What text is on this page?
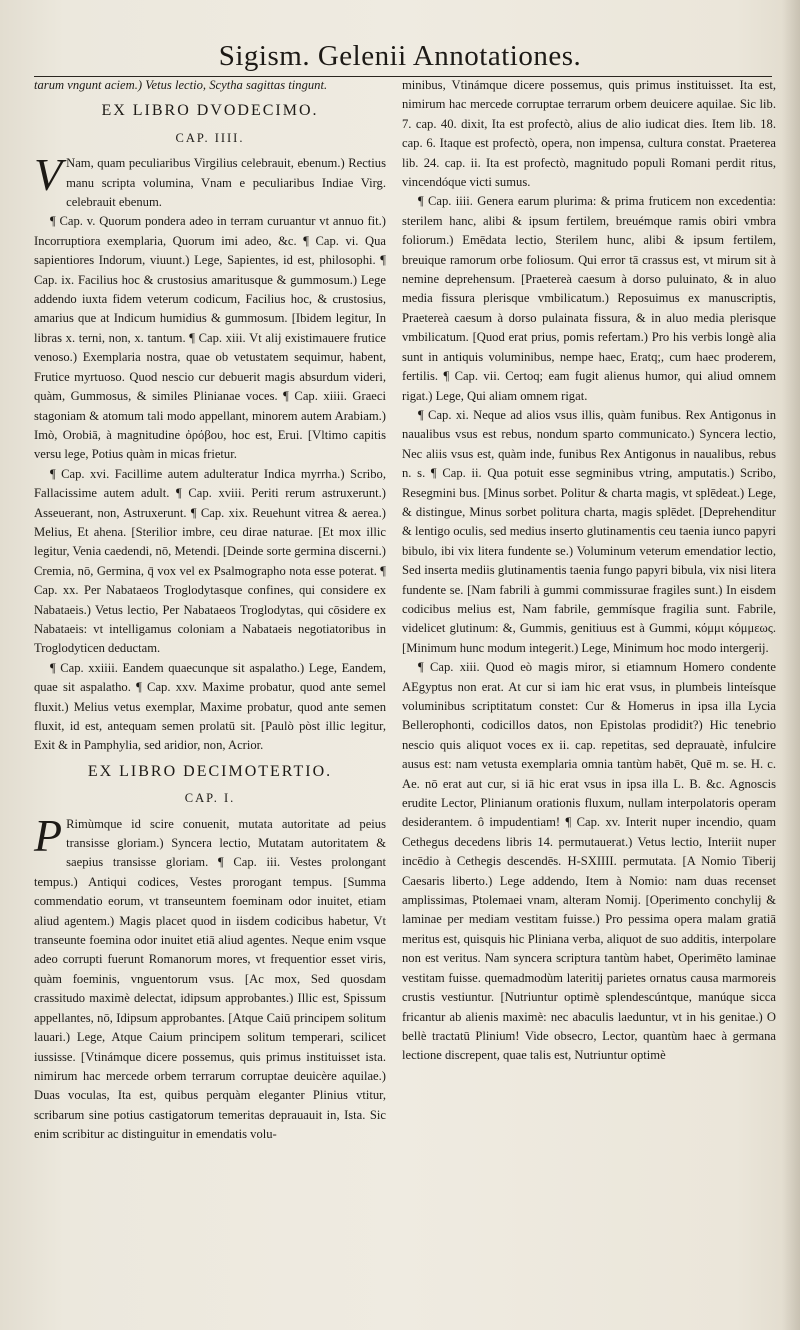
Sigism. Gelenii Annotationes.

tarum vngunt aciem.) Vetus lectio, Scytha sagittas tingunt.

EX LIBRO DVODECIMO.
CAP. IIII.

V Nam, quam peculiaribus Virgilius celebrauit, ebenum.) Rectius manu scripta volumina, Vnam e peculiaribus Indiae Virg. celebrauit ebenum.

¶ Cap. v. Quorum pondera adeo in terram curuantur vt annuo fit.) Incorruptiora exemplaria, Quorum imi adeo, &c. ¶ Cap. vi. Qua sapientiores Indorum, viuunt.) Lege, Sapientes, id est, philosophi. ¶ Cap. ix. Facilius hoc & crustosius amaritusque & gummosum.) Lege addendo iuxta fidem veterum codicum, Facilius hoc, & crustosius, amarius que at Indicum humidius & gummosum. [Ibidem legitur, In libras x. terni, non, x. tantum. ¶ Cap. xiii. Vt alij existimauere frutice venoso.) Exemplaria nostra, quae ob vetustatem sequimur, habent, Frutice myrtuoso. Quod nescio cur debuerit magis absurdum videri, quàm, Gummosus, & similes Plinianae voces. ¶ Cap. xiiii. Graeci stagoniam & atomum tali modo appellant, minorem autem Arabiam.) Imò, Orobiā, à magnitudine ὀρόβου, hoc est, Erui. [Vltimo capitis versu lege, Potius quàm in micas frietur.

¶ Cap. xvi. Facillime autem adulteratur Indica myrrha.) Scribo, Fallacissime autem adult. ¶ Cap. xviii. Periti rerum astruxerunt.) Asseuerant, non, Astruxerunt. ¶ Cap. xix. Reuehunt vitrea & aerea.) Melius, Et ahena. [Sterilior imbre, ceu dirae naturae. [Et mox illic legitur, Venia caedendi, nō, Metendi. [Deinde sorte germina discerni.) Cremia, nō, Germina, q̄ vox vel ex Psalmographo nota esse poterat. ¶ Cap. xx. Per Nabataeos Troglodytasque confines, qui considere ex Nabataeis.) Vetus lectio, Per Nabataeos Troglodytas, qui cōsidere ex Nabataeis: vt intelligamus coloniam a Nabataeis negotiatoribus in Troglodyticen deductam.

¶ Cap. xxiiii. Eandem quaecunque sit aspalatho.) Lege, Eandem, quae sit aspalatho. ¶ Cap. xxv. Maxime probatur, quod ante semel fluxit.) Melius vetus exemplar, Maxime probatur, quod ante semen fluxit, id est, antequam semen prolatū sit. [Paulò pòst illic legitur, Exit & in Pamphylia, sed aridior, non, Acrior.

EX LIBRO DECIMOTERTIO.
CAP. I.

P Rimùmque id scire conuenit, mutata autoritate ad peius transisse gloriam.) Syncera lectio, Mutatam autoritatem & saepius transisse gloriam. ¶ Cap. iii. Vestes prolongant tempus.) Antiqui codices, Vestes prorogant tempus. [Summa commendatio eorum, vt transeuntem foeminam odor inuitet, etiam aliud agentem.) Magis placet quod in iisdem codicibus habetur, Vt transeunte foemina odor inuitet etiā aliud agentes. Neque enim vsque adeo corrupti fuerunt Romanorum mores, vt frequentior esset viris, quàm foeminis, vnguentorum vsus. [Ac mox, Sed quosdam crassitudo maximè delectat, idipsum approbantes.) Illic est, Spissum appellantes, nō, Idipsum approbantes. [Atque Caiū principem solitum lauari.) Lege, Atque Caium principem solitum temperari, scilicet iussisse. [Vtinámque dicere possemus, quis primus instituisset ista. nimirum hac mercede orbem terrarum corruptae deuicère aquilae.) Duas voculas, Ita est, quibus perquàm eleganter Plinius vtitur, scribarum sine potius castigatorum temeritas deprauauit in, Ista. Sic enim scribitur ac distinguitur in emendatis volu-

minibus, Vtinámque dicere possemus, quis primus instituisset. Ita est, nimirum hac mercede corruptae terrarum orbem deuicere aquilae. Sic lib. 7. cap. 40. dixit, Ita est profectò, alius de alio iudicat dies. Item lib. 18. cap. 6. Itaque est profectò, opera, non impensa, cultura constat. Praeterea lib. 24. cap. ii. Ita est profectò, magnitudo populi Romani perdit ritus, vincendóque victi sumus.

¶ Cap. iiii. Genera earum plurima: & prima fruticem non excedentia: sterilem hanc, alibi & ipsum fertilem, breuémque ramis obiri vmbra foliorum.) Emēdata lectio, Sterilem hunc, alibi & ipsum fertilem, breuique ramorum orbe foliosum. Qui error tā crassus est, vt mirum sit à nemine deprehensum. [Praetereà caesum à dorso puluinato, & in aluo media fissura plerisque vmbilicatum.) Reposuimus ex manuscriptis, Praetereà caesum à dorso pulainata fissura, & in aluo media plerisque vmbilicatum. [Quod erat prius, pomis refertam.) Pro his verbis longè alia sunt in antiquis voluminibus, nempe haec, Eratq;, cum haec proderem, fertilis. ¶ Cap. vii. Certoq; eam fugit alienus humor, qui aliud omnem rigat.) Lege, Qui aliam omnem rigat.

¶ Cap. xi. Neque ad alios vsus illis, quàm funibus. Rex Antigonus in naualibus vsus est rebus, nondum sparto communicato.) Syncera lectio, Nec aliis vsus est, quàm inde, funibus Rex Antigonus in naualibus, rebus n. s. ¶ Cap. ii. Qua potuit esse segminibus vtring, amputatis.) Scribo, Resegmini bus. [Minus sorbet. Politur & charta magis, vt splēdeat.) Lege, & distingue, Minus sorbet politura charta, magis splēdet. [Deprehenditur & lentigo oculis, sed medius inserto glutinamentis ceu taenia iunco papyri bibulo, ibi vix litera fundente se.) Voluminum veterum emendatior lectio, Sed inserta mediis glutinamentis taenia fungo papyri bibula, vix nisi litera fundente se. [Nam fabrili à gummi commissurae fragiles sunt.) In eisdem codicibus melius est, Nam fabrile, gemmísque fragilia sunt. Fabrile, videlicet glutinum: &, Gummis, genitiuus est à Gummi, κόμμι κόμμεως. [Minimum hunc modum integerit.) Lege, Minimum hoc modo intergerij.

¶ Cap. xiii. Quod eò magis miror, si etiamnum Homero condente AEgyptus non erat. At cur si iam hic erat vsus, in plumbeis linteísque voluminibus scriptitatum constet: Cur & Homerus in ipsa illa Lycia Bellerophonti, codicillos datos, non Epistolas prodidit?) Hic tenebrio nescio quis aliquot voces ex ii. cap. repetitas, sed deprauatè, infulcire ausus est: nam vetusta exemplaria omnia tantùm habēt, Quē m. se. H. c. Ae. nō erat aut cur, si iā hic erat vsus in ipsa illa L. B. &c. Agnoscis erudite Lector, Plinianum orationis fluxum, nullam interpolatoris operam desiderantem. ô impudentiam! ¶ Cap. xv. Interit nuper incendio, quam Cethegus decedens libris 14. permutauerat.) Vetus lectio, Interiit nuper incēdio à Cethegis descendēs. H-SXIIII. permutata. [A Nomio Tiberij Caesaris liberto.) Lege addendo, Item à Nomio: nam duas recenset amplissimas, Ptolemaei vnam, alteram Nomij. [Operimento conchylij & laminae per mediam vestitam fuisse.) Pro pessima opera malam gratiā meritus est, quisquis hic Pliniana verba, aliquot de suo additis, interpolare non est veritus. Nam syncera scriptura tantùm habet, Operimēto laminae vestitam fuisse. quemadmodùm lateritij parietes ornatus causa marmoreis crustis vestiuntur. [Nutriuntur optimè splendescúntque, manúque sicca fricantur ab alienis maximè: nec abaculis laeduntur, vt in his genitae.) O bellè tractatū Plinium! Vide obsecro, Lector, quantùm haec à germana lectione discrepent, quae talis est, Nutriuntur optimè
